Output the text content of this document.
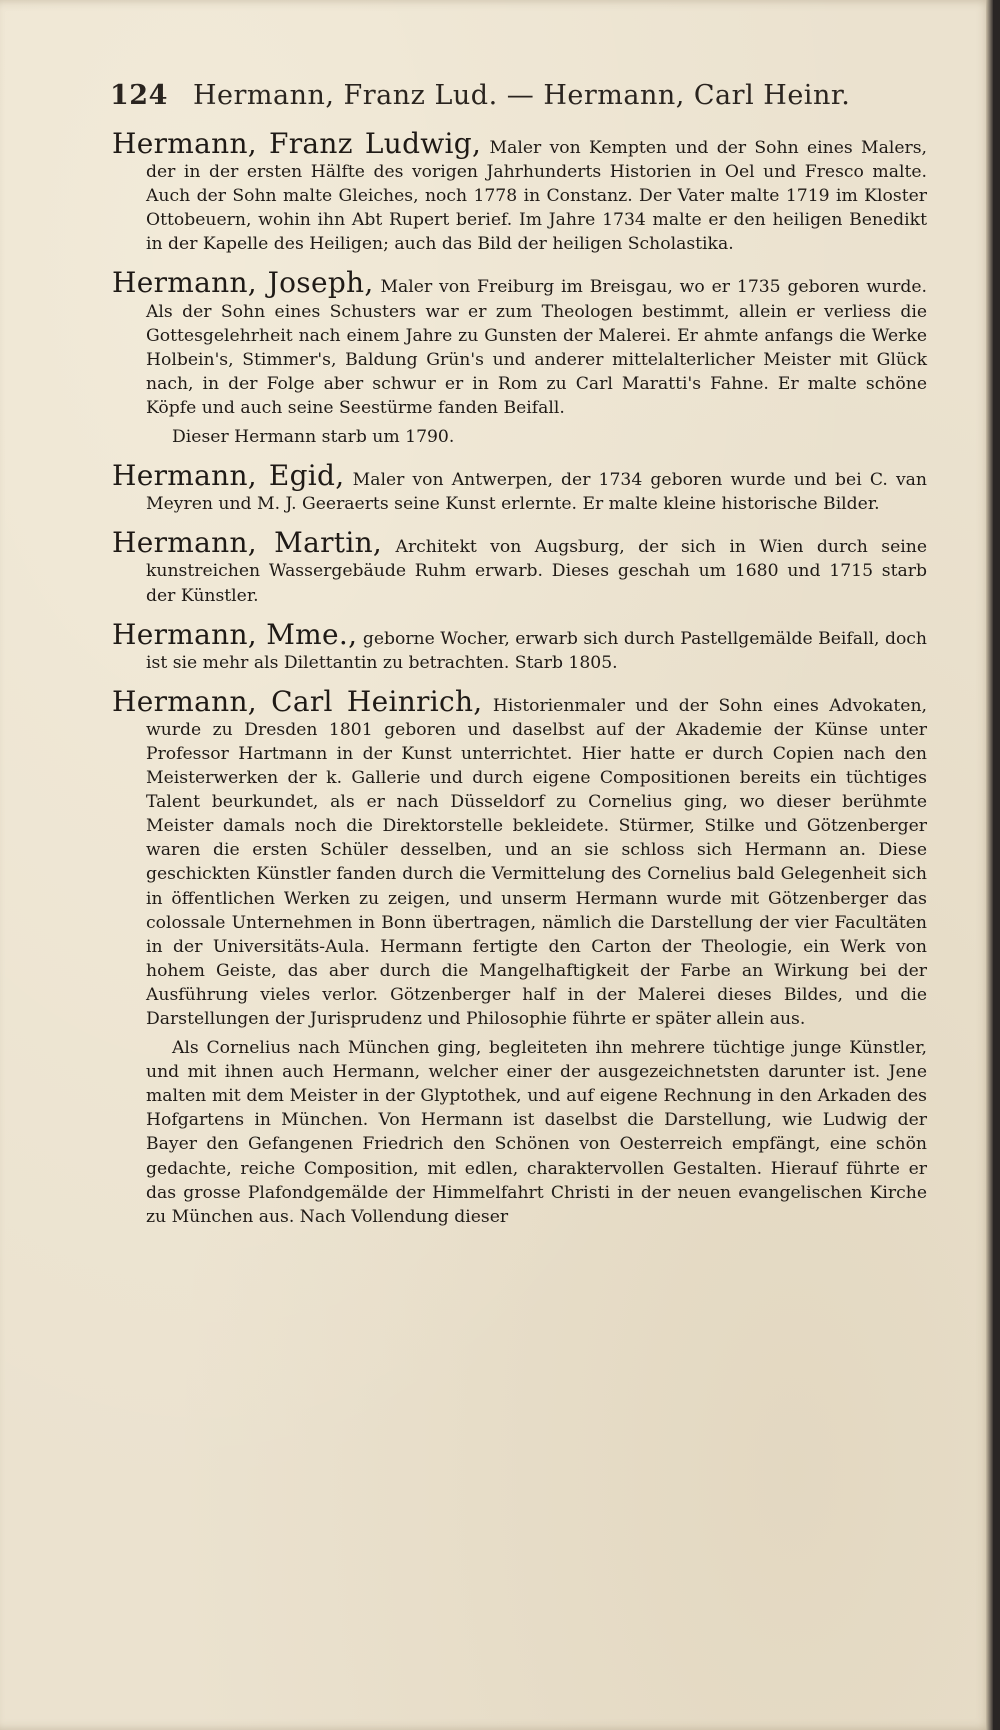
124 Hermann, Franz Lud. — Hermann, Carl Heinr.
Hermann, Franz Ludwig, Maler von Kempten und der Sohn eines Malers, der in der ersten Hälfte des vorigen Jahrhunderts Historien in Oel und Fresco malte. Auch der Sohn malte Gleiches, noch 1778 in Constanz. Der Vater malte 1719 im Kloster Ottobeuern, wohin ihn Abt Rupert berief. Im Jahre 1734 malte er den heiligen Benedikt in der Kapelle des Heiligen; auch das Bild der heiligen Scholastika.
Hermann, Joseph, Maler von Freiburg im Breisgau, wo er 1735 geboren wurde. Als der Sohn eines Schusters war er zum Theologen bestimmt, allein er verliess die Gottesgelehrheit nach einem Jahre zu Gunsten der Malerei. Er ahmte anfangs die Werke Holbein's, Stimmer's, Baldung Grün's und anderer mittelalterlicher Meister mit Glück nach, in der Folge aber schwur er in Rom zu Carl Maratti's Fahne. Er malte schöne Köpfe und auch seine Seestürme fanden Beifall.
Dieser Hermann starb um 1790.
Hermann, Egid, Maler von Antwerpen, der 1734 geboren wurde und bei C. van Meyren und M. J. Geeraerts seine Kunst erlernte. Er malte kleine historische Bilder.
Hermann, Martin, Architekt von Augsburg, der sich in Wien durch seine kunstreichen Wassergebäude Ruhm erwarb. Dieses geschah um 1680 und 1715 starb der Künstler.
Hermann, Mme., geborne Wocher, erwarb sich durch Pastellgemälde Beifall, doch ist sie mehr als Dilettantin zu betrachten. Starb 1805.
Hermann, Carl Heinrich, Historienmaler und der Sohn eines Advokaten, wurde zu Dresden 1801 geboren und daselbst auf der Akademie der Künse unter Professor Hartmann in der Kunst unterrichtet. Hier hatte er durch Copien nach den Meisterwerken der k. Gallerie und durch eigene Compositionen bereits ein tüchtiges Talent beurkundet, als er nach Düsseldorf zu Cornelius ging, wo dieser berühmte Meister damals noch die Direktorstelle bekleidete. Stürmer, Stilke und Götzenberger waren die ersten Schüler desselben, und an sie schloss sich Hermann an. Diese geschickten Künstler fanden durch die Vermittelung des Cornelius bald Gelegenheit sich in öffentlichen Werken zu zeigen, und unserm Hermann wurde mit Götzenberger das colossale Unternehmen in Bonn übertragen, nämlich die Darstellung der vier Facultäten in der Universitäts-Aula. Hermann fertigte den Carton der Theologie, ein Werk von hohem Geiste, das aber durch die Mangelhaftigkeit der Farbe an Wirkung bei der Ausführung vieles verlor. Götzenberger half in der Malerei dieses Bildes, und die Darstellungen der Jurisprudenz und Philosophie führte er später allein aus.
Als Cornelius nach München ging, begleiteten ihn mehrere tüchtige junge Künstler, und mit ihnen auch Hermann, welcher einer der ausgezeichnetsten darunter ist. Jene malten mit dem Meister in der Glyptothek, und auf eigene Rechnung in den Arkaden des Hofgartens in München. Von Hermann ist daselbst die Darstellung, wie Ludwig der Bayer den Gefangenen Friedrich den Schönen von Oesterreich empfängt, eine schön gedachte, reiche Composition, mit edlen, charaktervollen Gestalten. Hierauf führte er das grosse Plafondgemälde der Himmelfahrt Christi in der neuen evangelischen Kirche zu München aus. Nach Vollendung dieser
